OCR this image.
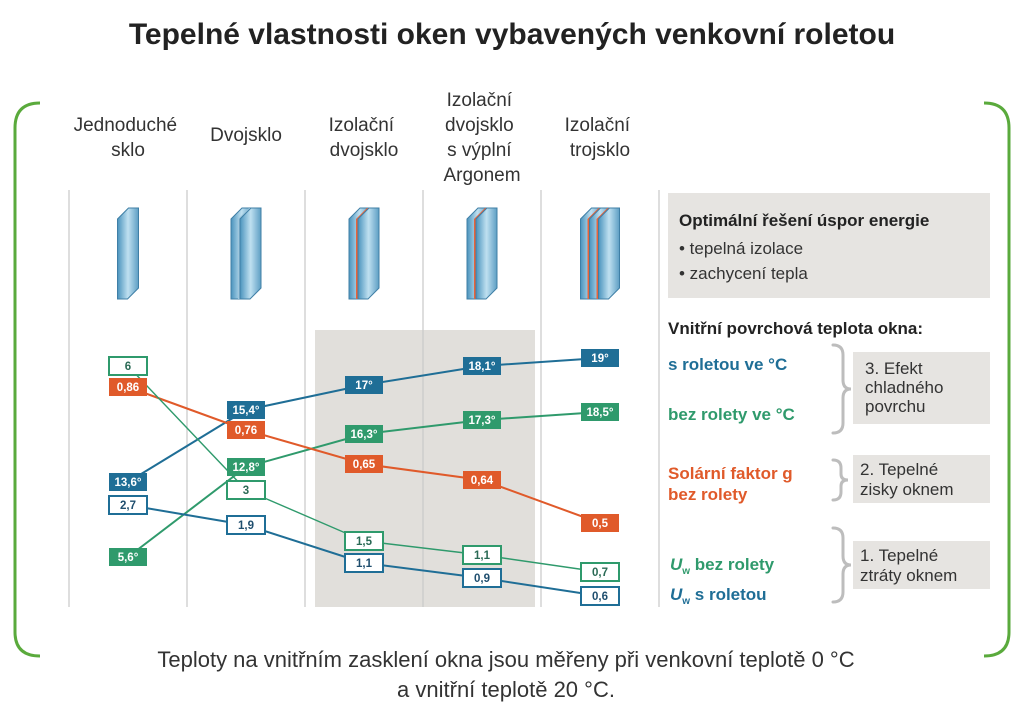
Tepelné vlastnosti oken vybavených venkovní roletou
Jednoduché sklo
Dvojsklo Izolační dvojsklo
Izolační dvojsklo s výplní Argonem
Izolační trojsklo
13,6°
15,4°
17°
18,1°
19°
5,6°
12,8°
16,3°
17,3°
18,5°
0,86
0,76
0,65
0,64
0,5
6
3
1,5
1,1
0,7
2,7
1,9
1,1
0,9
0,6
Optimální řešení úspor energie
• tepelná izolace
• zachycení tepla
Vnitřní povrchová teplota okna:
s roletou ve °C
bez rolety ve °C
Solární faktor g
bez rolety
$U_w$ bez rolety
$U_w$ s roletou
3. Efekt chladného povrchu
2. Tepelné zisky oknem
1. Tepelné ztráty oknem
Teploty na vnitřním zasklení okna jsou měřeny při venkovní teplotě 0 °C
a vnitřní teplotě 20 °C.
